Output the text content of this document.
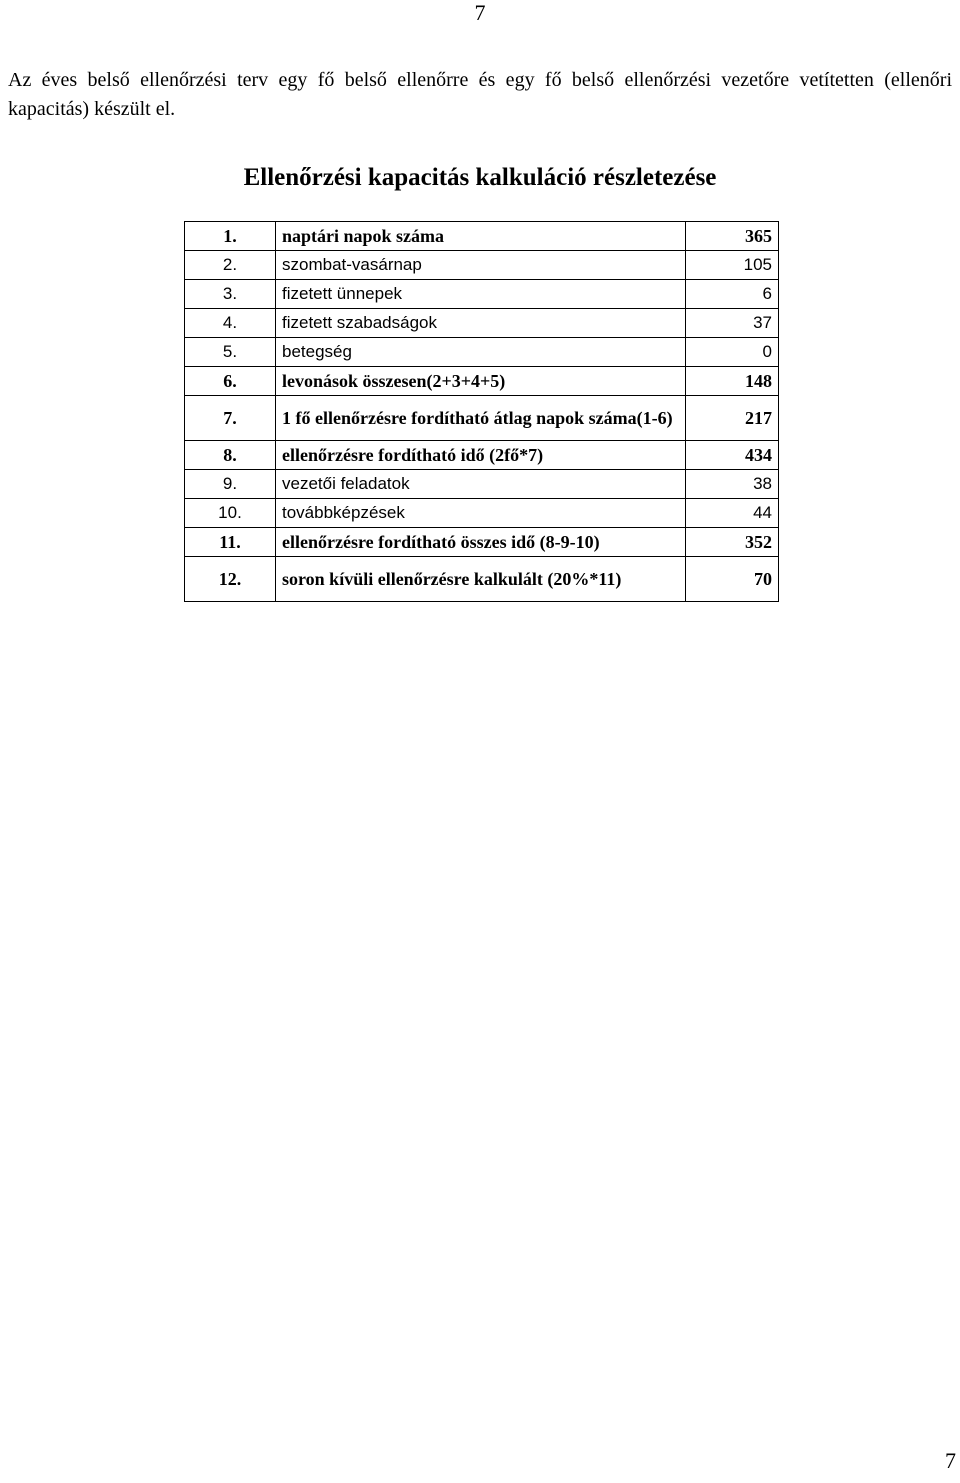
7

Az éves belső ellenőrzési terv egy fő belső ellenőrre és egy fő belső ellenőrzési vezetőre vetítetten (ellenőri kapacitás) készült el.

Ellenőrzési kapacitás kalkuláció részletezése
1.	naptári napok száma	365
2.	szombat-vasárnap	105
3.	fizetett ünnepek	6
4.	fizetett szabadságok	37
5.	betegség	0
6.	levonások összesen(2+3+4+5)	148
7.	1 fő ellenőrzésre fordítható átlag napok száma(1-6)	217
8.	ellenőrzésre fordítható idő (2fő*7)	434
9.	vezetői feladatok	38
10.	továbbképzések	44
11.	ellenőrzésre fordítható összes idő (8-9-10)	352
12.	soron kívüli ellenőrzésre kalkulált (20%*11)	70
7
